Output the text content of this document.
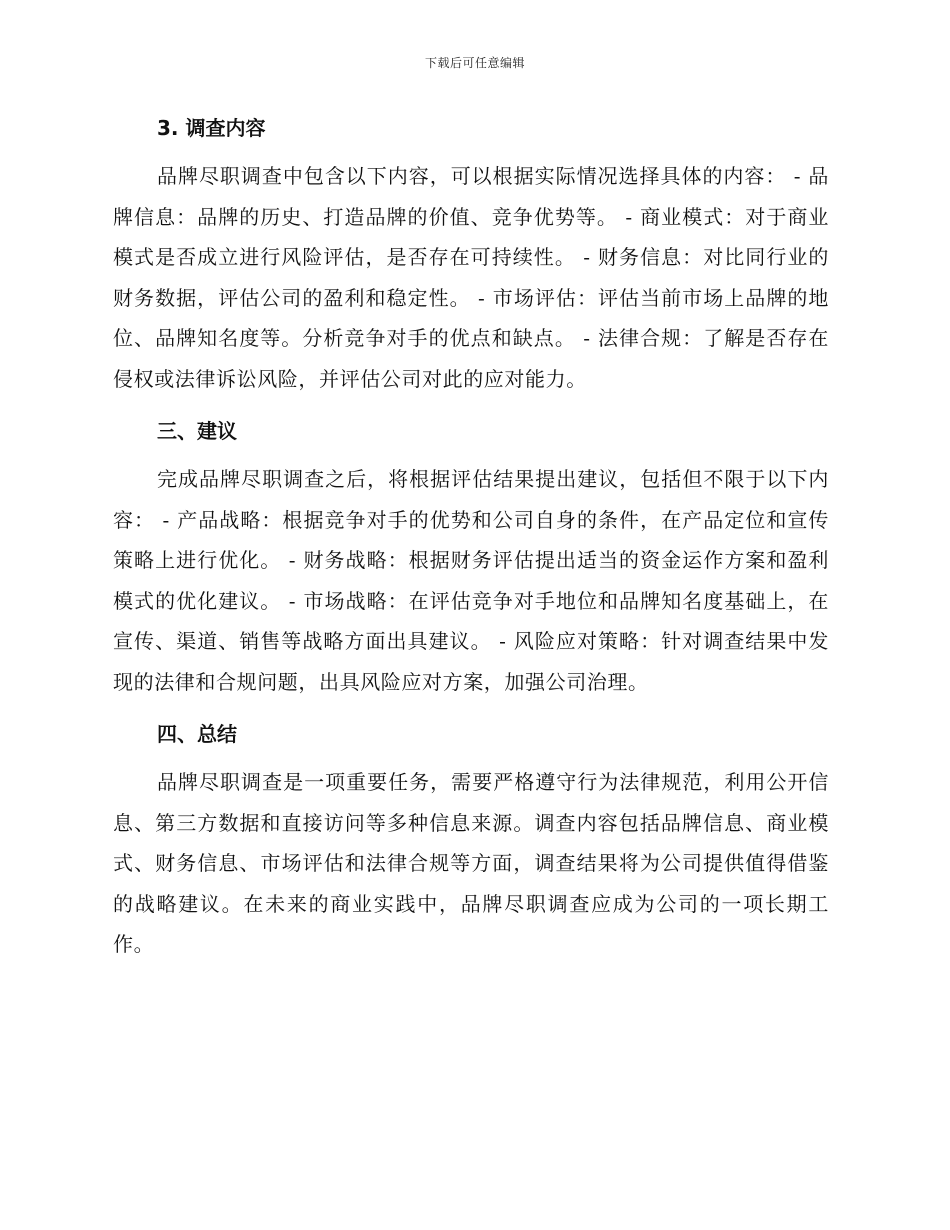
下载后可任意编辑
3. 调查内容

品牌尽职调查中包含以下内容，可以根据实际情况选择具体的内容： - 品牌信息：品牌的历史、打造品牌的价值、竞争优势等。 - 商业模式：对于商业模式是否成立进行风险评估，是否存在可持续性。 - 财务信息：对比同行业的财务数据，评估公司的盈利和稳定性。 - 市场评估：评估当前市场上品牌的地位、品牌知名度等。分析竞争对手的优点和缺点。 - 法律合规：了解是否存在侵权或法律诉讼风险，并评估公司对此的应对能力。

三、建议

完成品牌尽职调查之后，将根据评估结果提出建议，包括但不限于以下内容： - 产品战略：根据竞争对手的优势和公司自身的条件，在产品定位和宣传策略上进行优化。 - 财务战略：根据财务评估提出适当的资金运作方案和盈利模式的优化建议。 - 市场战略：在评估竞争对手地位和品牌知名度基础上，在宣传、渠道、销售等战略方面出具建议。 - 风险应对策略：针对调查结果中发现的法律和合规问题，出具风险应对方案，加强公司治理。

四、总结

品牌尽职调查是一项重要任务，需要严格遵守行为法律规范，利用公开信息、第三方数据和直接访问等多种信息来源。调查内容包括品牌信息、商业模式、财务信息、市场评估和法律合规等方面，调查结果将为公司提供值得借鉴的战略建议。在未来的商业实践中，品牌尽职调查应成为公司的一项长期工作。
